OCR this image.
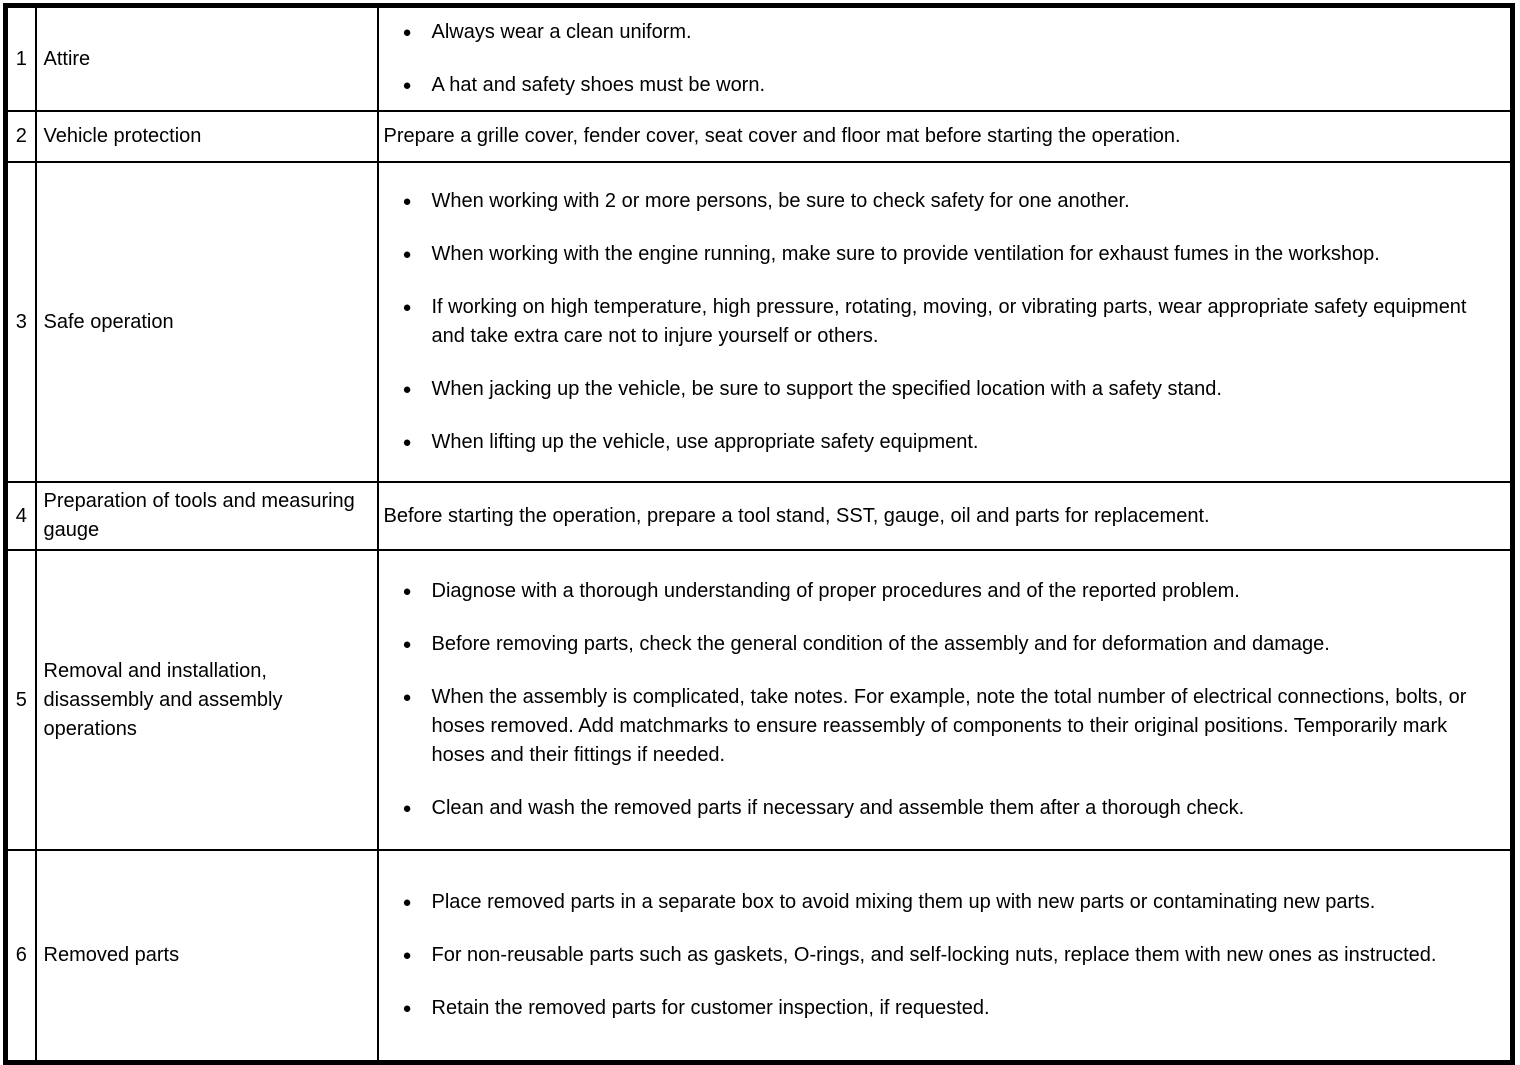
1	Attire	● Always wear a clean uniform.
● A hat and safety shoes must be worn.

2	Vehicle protection	Prepare a grille cover, fender cover, seat cover and floor mat before starting the operation.

3	Safe operation	
● When working with 2 or more persons, be sure to check safety for one another.
● When working with the engine running, make sure to provide ventilation for exhaust fumes in the workshop.
● If working on high temperature, high pressure, rotating, moving, or vibrating parts, wear appropriate safety equipment and take extra care not to injure yourself or others.
● When jacking up the vehicle, be sure to support the specified location with a safety stand.
● When lifting up the vehicle, use appropriate safety equipment.

4	Preparation of tools and measuring gauge	Before starting the operation, prepare a tool stand, SST, gauge, oil and parts for replacement.

5	Removal and installation, disassembly and assembly operations	
● Diagnose with a thorough understanding of proper procedures and of the reported problem.
● Before removing parts, check the general condition of the assembly and for deformation and damage.
● When the assembly is complicated, take notes. For example, note the total number of electrical connections, bolts, or hoses removed. Add matchmarks to ensure reassembly of components to their original positions. Temporarily mark hoses and their fittings if needed.
● Clean and wash the removed parts if necessary and assemble them after a thorough check.

6	Removed parts	
● Place removed parts in a separate box to avoid mixing them up with new parts or contaminating new parts.
● For non-reusable parts such as gaskets, O-rings, and self-locking nuts, replace them with new ones as instructed.
● Retain the removed parts for customer inspection, if requested.
